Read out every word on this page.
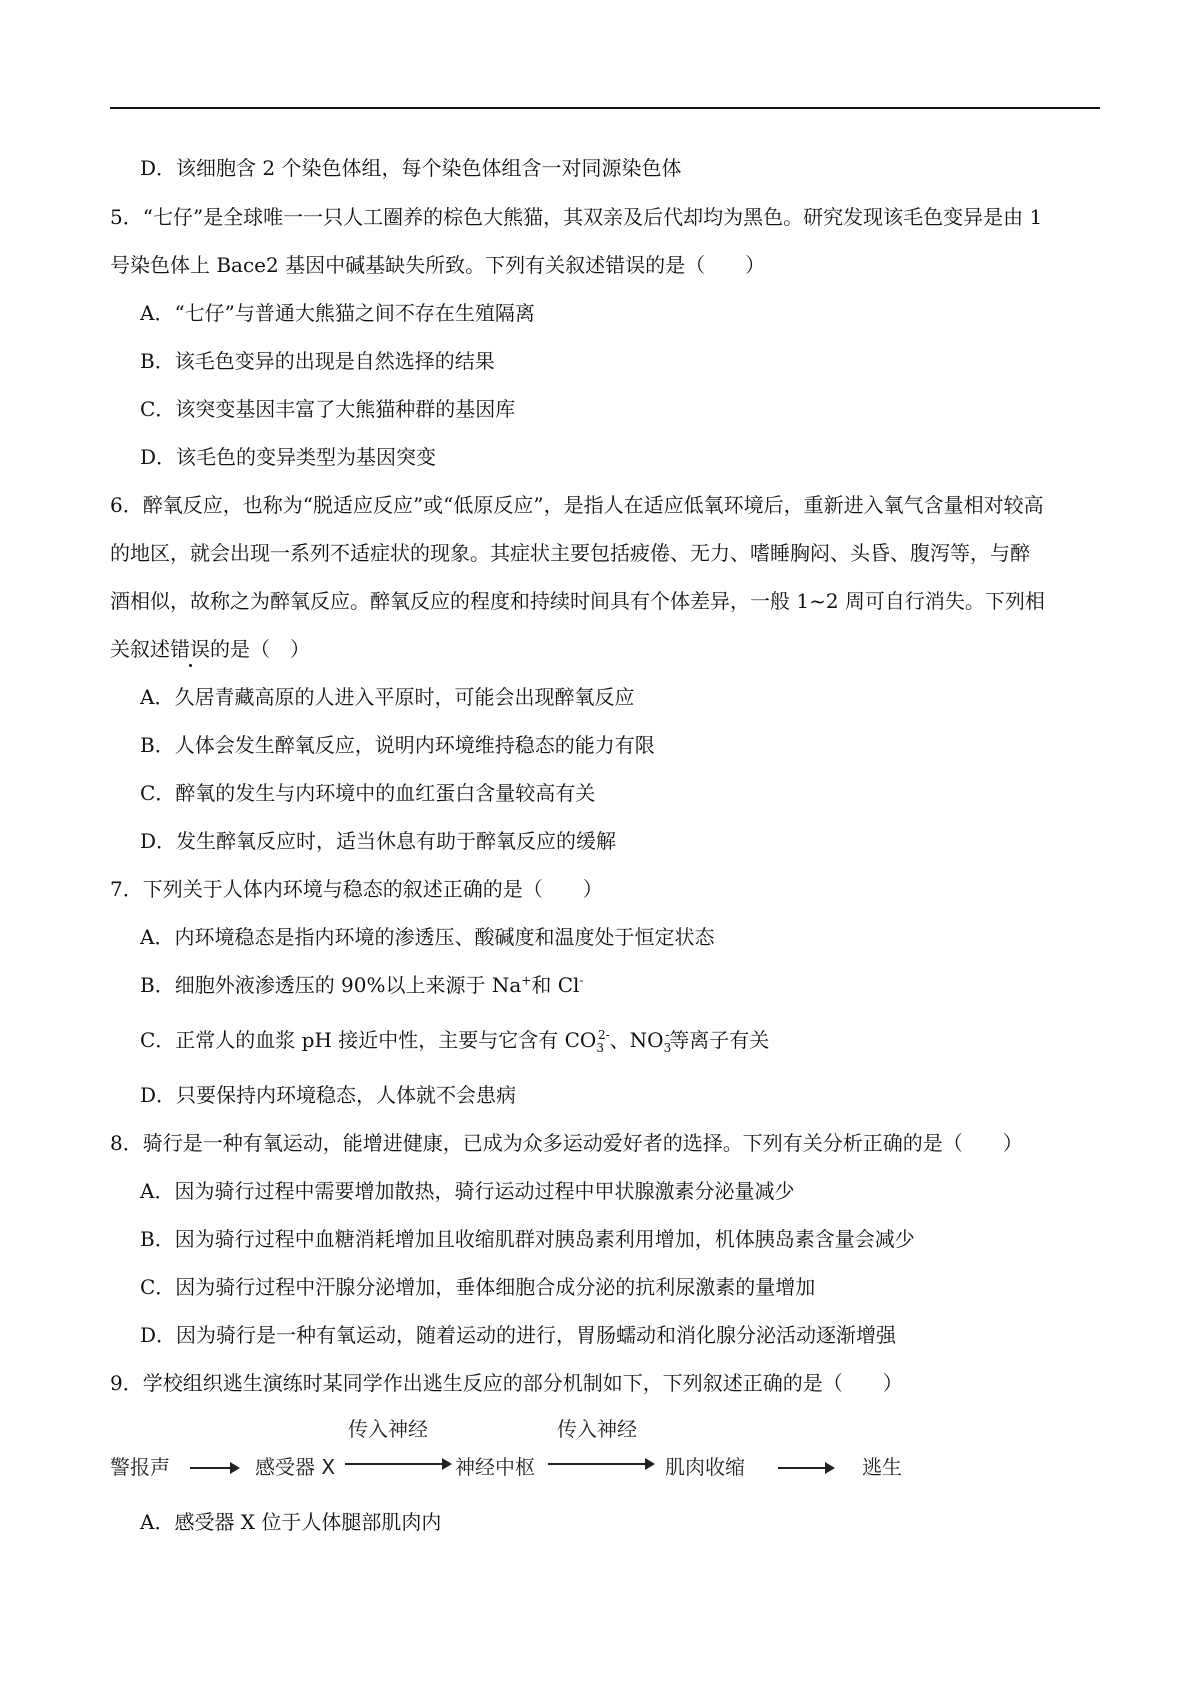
D．该细胞含 2 个染色体组，每个染色体组含一对同源染色体
5．“七仔”是全球唯一一只人工圈养的棕色大熊猫，其双亲及后代却均为黑色。研究发现该毛色变异是由 1
号染色体上 Bace2 基因中碱基缺失所致。下列有关叙述错误的是（　　）
A．“七仔”与普通大熊猫之间不存在生殖隔离
B．该毛色变异的出现是自然选择的结果
C．该突变基因丰富了大熊猫种群的基因库
D．该毛色的变异类型为基因突变
6．醉氧反应，也称为“脱适应反应”或“低原反应”，是指人在适应低氧环境后，重新进入氧气含量相对较高
的地区，就会出现一系列不适症状的现象。其症状主要包括疲倦、无力、嗜睡胸闷、头昏、腹泻等，与醉
酒相似，故称之为醉氧反应。醉氧反应的程度和持续时间具有个体差异，一般 1~2 周可自行消失。下列相
关叙述错误的是（　）
A．久居青藏高原的人进入平原时，可能会出现醉氧反应
B．人体会发生醉氧反应，说明内环境维持稳态的能力有限
C．醉氧的发生与内环境中的血红蛋白含量较高有关
D．发生醉氧反应时，适当休息有助于醉氧反应的缓解
7．下列关于人体内环境与稳态的叙述正确的是（　　）
A．内环境稳态是指内环境的渗透压、酸碱度和温度处于恒定状态
B．细胞外液渗透压的 90%以上来源于 Na+和 Cl-
C．正常人的血浆 pH 接近中性，主要与它含有 $CO_3^{2-}$、$NO_3^-$等离子有关
D．只要保持内环境稳态，人体就不会患病
8．骑行是一种有氧运动，能增进健康，已成为众多运动爱好者的选择。下列有关分析正确的是（　　）
A．因为骑行过程中需要增加散热，骑行运动过程中甲状腺激素分泌量减少
B．因为骑行过程中血糖消耗增加且收缩肌群对胰岛素利用增加，机体胰岛素含量会减少
C．因为骑行过程中汗腺分泌增加，垂体细胞合成分泌的抗利尿激素的量增加
D．因为骑行是一种有氧运动，随着运动的进行，胃肠蠕动和消化腺分泌活动逐渐增强
9．学校组织逃生演练时某同学作出逃生反应的部分机制如下，下列叙述正确的是（　　）
传入神经	传入神经
警报声	感受器 X	神经中枢	肌肉收缩	逃生
A．感受器 X 位于人体腿部肌肉内
